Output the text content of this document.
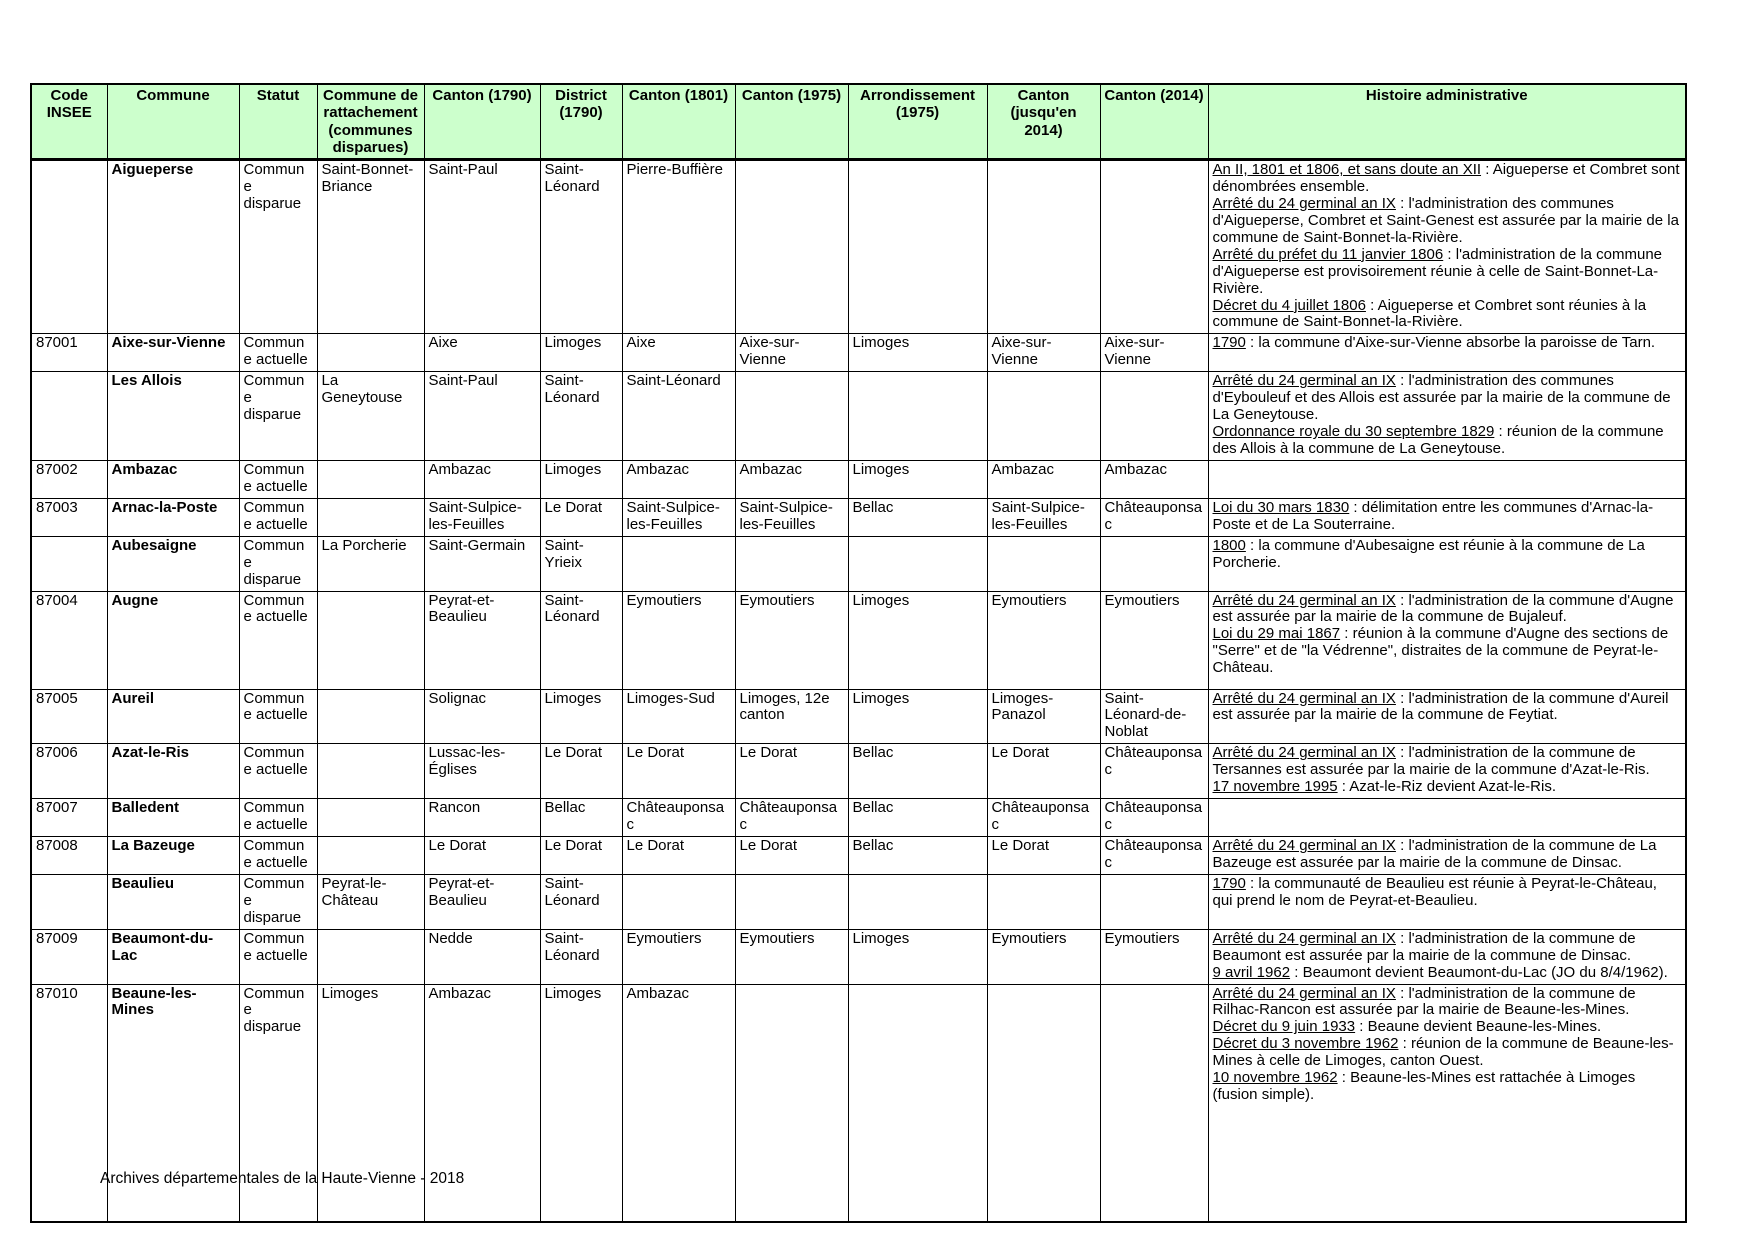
Code INSEE	Commune	Statut	Commune de rattachement (communes disparues)	Canton (1790)	District (1790)	Canton (1801)	Canton (1975)	Arrondissement (1975)	Canton (jusqu'en 2014)	Canton (2014)	Histoire administrative
	Aigueperse	Commune disparue	Saint-Bonnet-Briance	Saint-Paul	Saint-Léonard	Pierre-Buffière					An II, 1801 et 1806, et sans doute an XII : Aigueperse et Combret sont dénombrées ensemble.
Arrêté du 24 germinal an IX : l'administration des communes d'Aigueperse, Combret et Saint-Genest est assurée par la mairie de la commune de Saint-Bonnet-la-Rivière.
Arrêté du préfet du 11 janvier 1806 : l'administration de la commune d'Aigueperse est provisoirement réunie à celle de Saint-Bonnet-La-Rivière.
Décret du 4 juillet 1806 : Aigueperse et Combret sont réunies à la commune de Saint-Bonnet-la-Rivière.

87001	Aixe-sur-Vienne	Commune actuelle		Aixe	Limoges	Aixe	Aixe-sur-Vienne	Limoges	Aixe-sur-Vienne	Aixe-sur-Vienne	1790 : la commune d'Aixe-sur-Vienne absorbe la paroisse de Tarn.

	Les Allois	Commune disparue	La Geneytouse	Saint-Paul	Saint-Léonard	Saint-Léonard					Arrêté du 24 germinal an IX : l'administration des communes d'Eybouleuf et des Allois est assurée par la mairie de la commune de La Geneytouse.
Ordonnance royale du 30 septembre 1829 : réunion de la commune des Allois à la commune de La Geneytouse.

87002	Ambazac	Commune actuelle		Ambazac	Limoges	Ambazac	Ambazac	Limoges	Ambazac	Ambazac	
87003	Arnac-la-Poste	Commune actuelle		Saint-Sulpice-les-Feuilles	Le Dorat	Saint-Sulpice-les-Feuilles	Saint-Sulpice-les-Feuilles	Bellac	Saint-Sulpice-les-Feuilles	Châteauponsac	Loi du 30 mars 1830 : délimitation entre les communes d'Arnac-la-Poste et de La Souterraine.

	Aubesaigne	Commune disparue	La Porcherie	Saint-Germain	Saint-Yrieix						1800 : la commune d'Aubesaigne est réunie à la commune de La Porcherie.

87004	Augne	Commune actuelle		Peyrat-et-Beaulieu	Saint-Léonard	Eymoutiers	Eymoutiers	Limoges	Eymoutiers	Eymoutiers	Arrêté du 24 germinal an IX : l'administration de la commune d'Augne est assurée par la mairie de la commune de Bujaleuf.
Loi du 29 mai 1867 : réunion à la commune d'Augne des sections de "Serre" et de "la Védrenne", distraites de la commune de Peyrat-le-Château.

87005	Aureil	Commune actuelle		Solignac	Limoges	Limoges-Sud	Limoges, 12e canton	Limoges	Limoges-Panazol	Saint-Léonard-de-Noblat	Arrêté du 24 germinal an IX : l'administration de la commune d'Aureil est assurée par la mairie de la commune de Feytiat.

87006	Azat-le-Ris	Commune actuelle		Lussac-les-Églises	Le Dorat	Le Dorat	Le Dorat	Bellac	Le Dorat	Châteauponsac	Arrêté du 24 germinal an IX : l'administration de la commune de Tersannes est assurée par la mairie de la commune d'Azat-le-Ris.
17 novembre 1995 : Azat-le-Riz devient Azat-le-Ris.

87007	Balledent	Commune actuelle		Rancon	Bellac	Châteauponsac	Châteauponsac	Bellac	Châteauponsac	Châteauponsac	
87008	La Bazeuge	Commune actuelle		Le Dorat	Le Dorat	Le Dorat	Le Dorat	Bellac	Le Dorat	Châteauponsac	Arrêté du 24 germinal an IX : l'administration de la commune de La Bazeuge est assurée par la mairie de la commune de Dinsac.

	Beaulieu	Commune disparue	Peyrat-le-Château	Peyrat-et-Beaulieu	Saint-Léonard						1790 : la communauté de Beaulieu est réunie à Peyrat-le-Château, qui prend le nom de Peyrat-et-Beaulieu.

87009	Beaumont-du-Lac	Commune actuelle		Nedde	Saint-Léonard	Eymoutiers	Eymoutiers	Limoges	Eymoutiers	Eymoutiers	Arrêté du 24 germinal an IX : l'administration de la commune de Beaumont est assurée par la mairie de la commune de Dinsac.
9 avril 1962 : Beaumont devient Beaumont-du-Lac (JO du 8/4/1962).

87010	Beaune-les-Mines	Commune disparue	Limoges	Ambazac	Limoges	Ambazac					Arrêté du 24 germinal an IX : l'administration de la commune de Rilhac-Rancon est assurée par la mairie de Beaune-les-Mines.
Décret du 9 juin 1933 : Beaune devient Beaune-les-Mines.
Décret du 3 novembre 1962 : réunion de la commune de Beaune-les-Mines à celle de Limoges, canton Ouest.
10 novembre 1962 : Beaune-les-Mines est rattachée à Limoges (fusion simple).
Archives départementales de la Haute-Vienne - 2018
